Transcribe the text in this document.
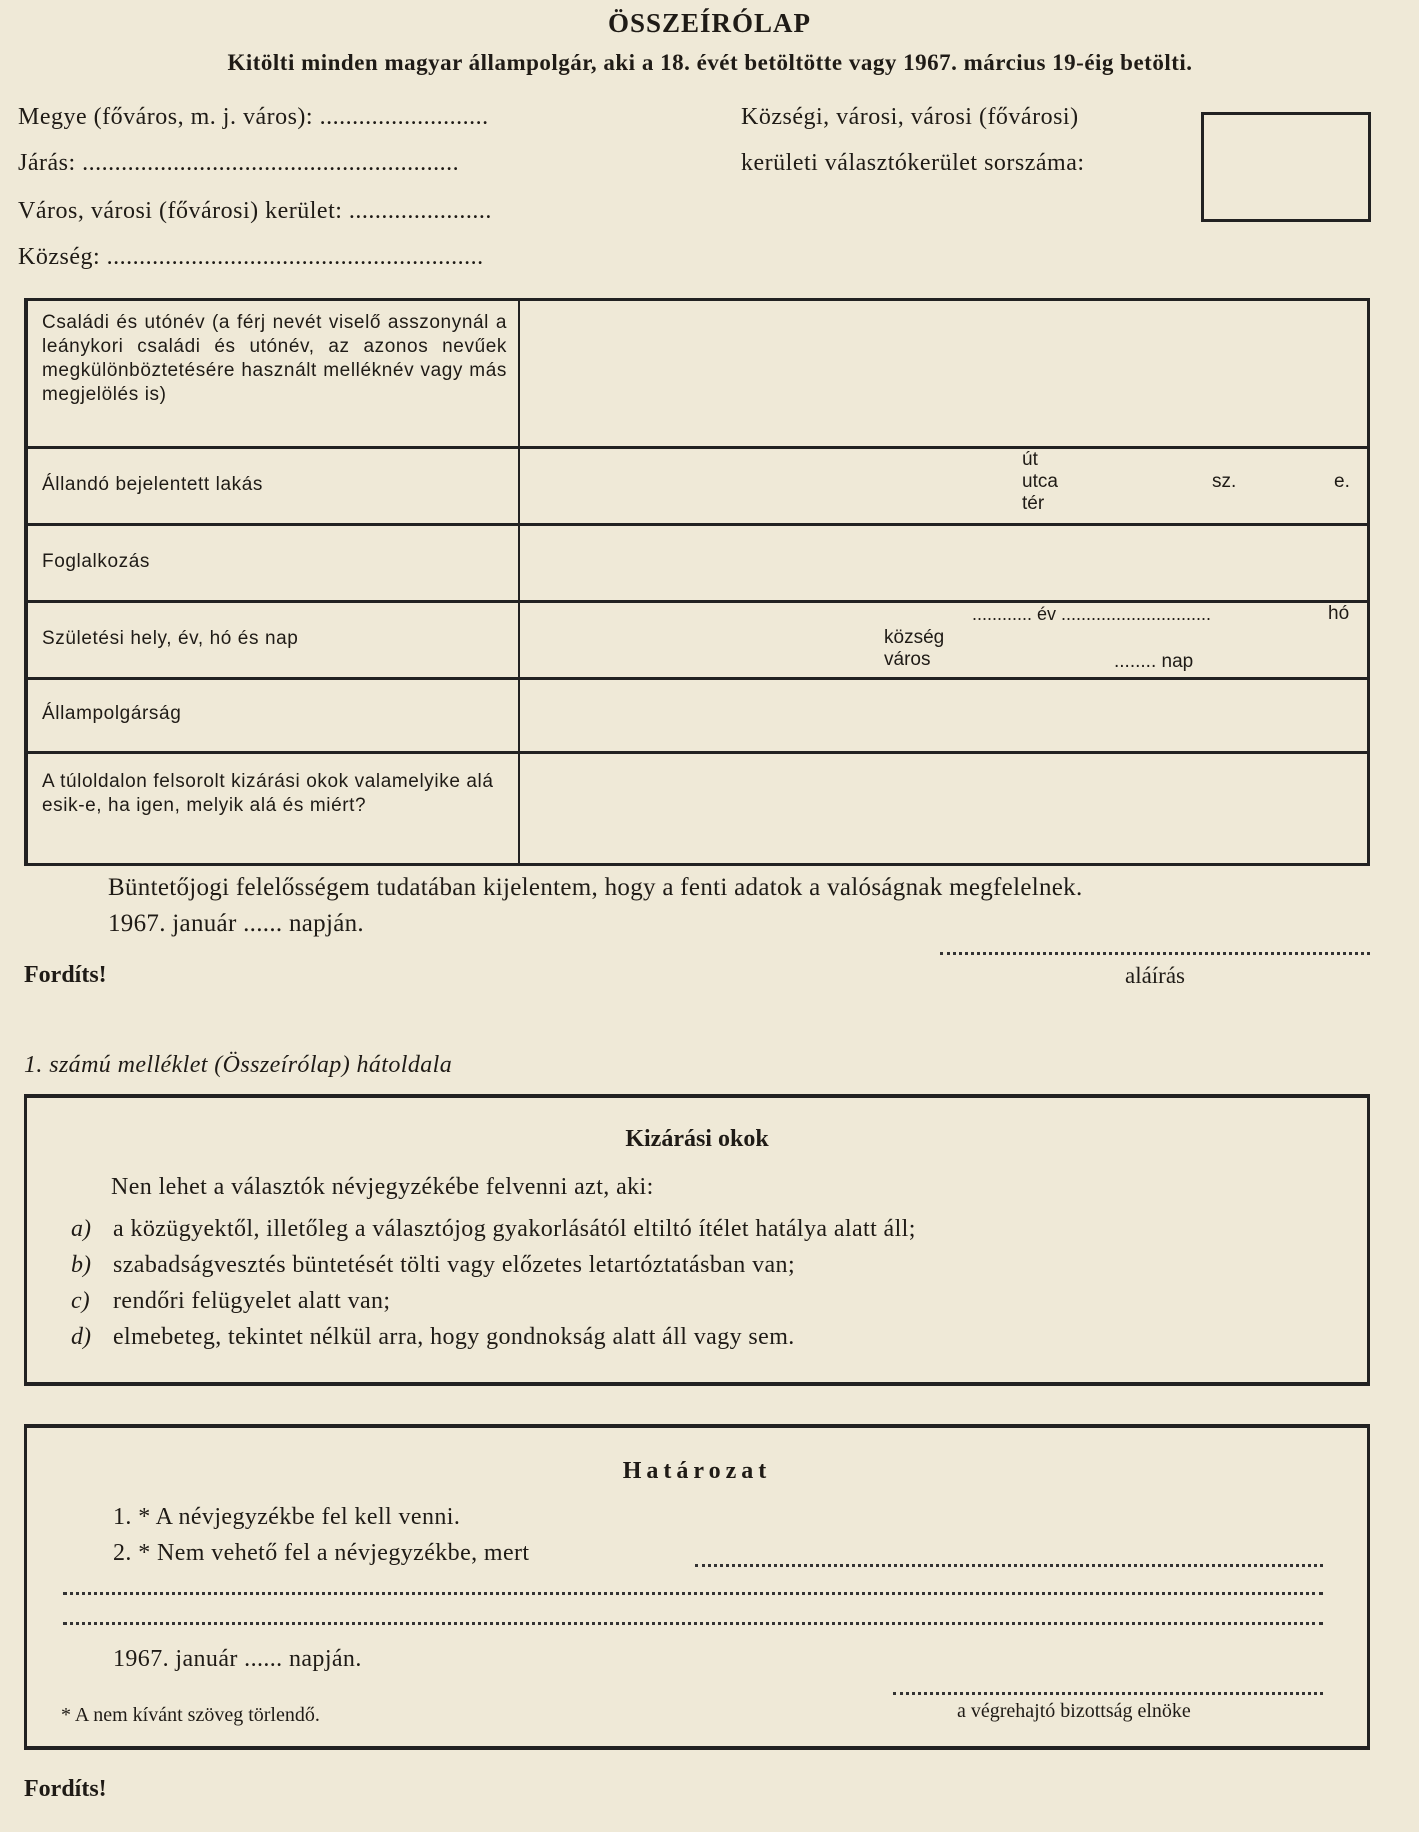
ÖSSZEÍRÓLAP
Kitölti minden magyar állampolgár, aki a 18. évét betöltötte vagy 1967. március 19-éig betölti.
Megye (főváros, m. j. város): ..........................
Járás: ..........................................................
Város, városi (fővárosi) kerület: ......................
Község: ..........................................................
Községi, városi, városi (fővárosi)
kerületi választókerület sorszáma:
Családi és utónév (a férj nevét viselő asszonynál a leánykori családi és utónév, az azonos nevűek megkülönböztetésére használt melléknév vagy más megjelölés is)
Állandó bejelentett lakás
út
utca
tér
sz.	e.
Foglalkozás
Születési hely, év, hó és nap
............ év ..............................	hó
község
város	........ nap
Állampolgárság
A túloldalon felsorolt kizárási okok valamelyike alá esik-e, ha igen, melyik alá és miért?
Büntetőjogi felelősségem tudatában kijelentem, hogy a fenti adatok a valóságnak megfelelnek.
1967. január ...... napján.
Fordíts!	aláírás
1. számú melléklet (Összeírólap) hátoldala
Kizárási okok
Nen lehet a választók névjegyzékébe felvenni azt, aki:
a) a közügyektől, illetőleg a választójog gyakorlásától eltiltó ítélet hatálya alatt áll;
b) szabadságvesztés büntetését tölti vagy előzetes letartóztatásban van;
c) rendőri felügyelet alatt van;
d) elmebeteg, tekintet nélkül arra, hogy gondnokság alatt áll vagy sem.
Határozat
1. * A névjegyzékbe fel kell venni.
2. * Nem vehető fel a névjegyzékbe, mert
1967. január ...... napján.
* A nem kívánt szöveg törlendő.	a végrehajtó bizottság elnöke
Fordíts!
